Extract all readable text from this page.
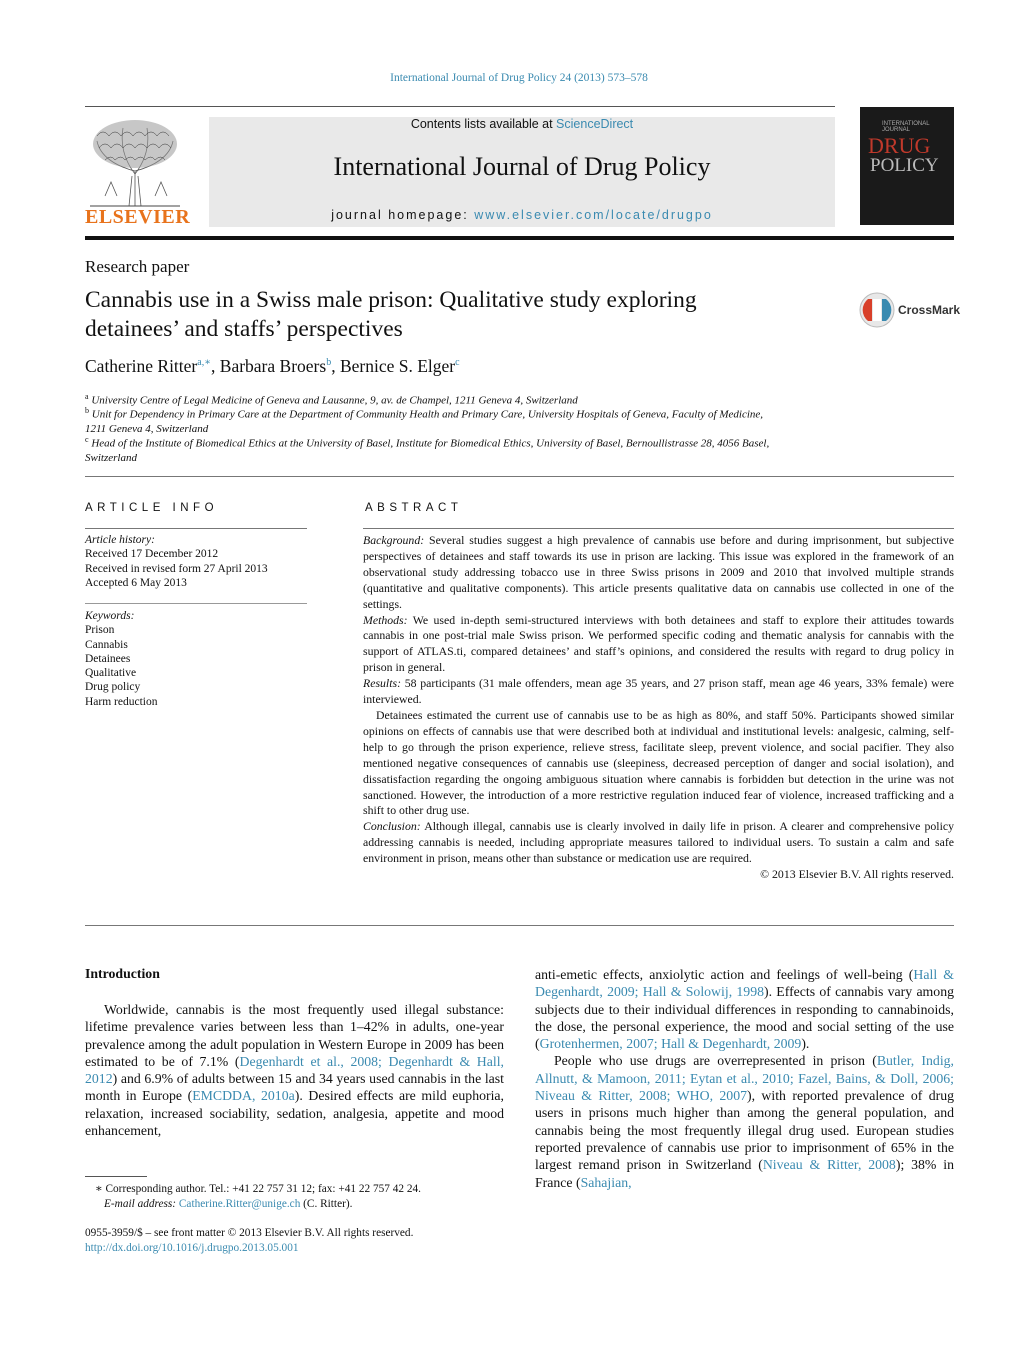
International Journal of Drug Policy 24 (2013) 573–578
ELSEVIER
Contents lists available at ScienceDirect
International Journal of Drug Policy
journal homepage: www.elsevier.com/locate/drugpo
INTERNATIONAL JOURNAL
DRUG
POLICY
Research paper
Cannabis use in a Swiss male prison: Qualitative study exploring
detainees’ and staffs’ perspectives
CrossMark
Catherine Ritter$^{a,∗}$, Barbara Broers$^b$, Bernice S. Elger$^c$
$^a$ University Centre of Legal Medicine of Geneva and Lausanne, 9, av. de Champel, 1211 Geneva 4, Switzerland
$^b$ Unit for Dependency in Primary Care at the Department of Community Health and Primary Care, University Hospitals of Geneva, Faculty of Medicine,
1211 Geneva 4, Switzerland
$^c$ Head of the Institute of Biomedical Ethics at the University of Basel, Institute for Biomedical Ethics, University of Basel, Bernoullistrasse 28, 4056 Basel,
Switzerland
ARTICLE INFO
Article history:
Received 17 December 2012
Received in revised form 27 April 2013
Accepted 6 May 2013
Keywords:
Prison
Cannabis
Detainees
Qualitative
Drug policy
Harm reduction
ABSTRACT

Background: Several studies suggest a high prevalence of cannabis use before and during imprisonment, but subjective perspectives of detainees and staff towards its use in prison are lacking. This issue was explored in the framework of an observational study addressing tobacco use in three Swiss prisons in 2009 and 2010 that involved multiple strands (quantitative and qualitative components). This article presents qualitative data on cannabis use collected in one of the settings.

Methods: We used in-depth semi-structured interviews with both detainees and staff to explore their attitudes towards cannabis in one post-trial male Swiss prison. We performed specific coding and thematic analysis for cannabis with the support of ATLAS.ti, compared detainees’ and staff’s opinions, and considered the results with regard to drug policy in prison in general.

Results: 58 participants (31 male offenders, mean age 35 years, and 27 prison staff, mean age 46 years, 33% female) were interviewed.

Detainees estimated the current use of cannabis use to be as high as 80%, and staff 50%. Participants showed similar opinions on effects of cannabis use that were described both at individual and institutional levels: analgesic, calming, self-help to go through the prison experience, relieve stress, facilitate sleep, prevent violence, and social pacifier. They also mentioned negative consequences of cannabis use (sleepiness, decreased perception of danger and social isolation), and dissatisfaction regarding the ongoing ambiguous situation where cannabis is forbidden but detection in the urine was not sanctioned. However, the introduction of a more restrictive regulation induced fear of violence, increased trafficking and a shift to other drug use.

Conclusion: Although illegal, cannabis use is clearly involved in daily life in prison. A clearer and comprehensive policy addressing cannabis is needed, including appropriate measures tailored to individual users. To sustain a calm and safe environment in prison, means other than substance or medication use are required.

© 2013 Elsevier B.V. All rights reserved.

Introduction

Worldwide, cannabis is the most frequently used illegal substance: lifetime prevalence varies between less than 1–42% in adults, one-year prevalence among the adult population in Western Europe in 2009 has been estimated to be of 7.1% (Degenhardt et al., 2008; Degenhardt & Hall, 2012) and 6.9% of adults between 15 and 34 years used cannabis in the last month in Europe (EMCDDA, 2010a). Desired effects are mild euphoria, relaxation, increased sociability, sedation, analgesia, appetite and mood enhancement,

anti-emetic effects, anxiolytic action and feelings of well-being (Hall & Degenhardt, 2009; Hall & Solowij, 1998). Effects of cannabis vary among subjects due to their individual differences in responding to cannabinoids, the dose, the personal experience, the mood and social setting of the use (Grotenhermen, 2007; Hall & Degenhardt, 2009).

People who use drugs are overrepresented in prison (Butler, Indig, Allnutt, & Mamoon, 2011; Eytan et al., 2010; Fazel, Bains, & Doll, 2006; Niveau & Ritter, 2008; WHO, 2007), with reported prevalence of drug users in prisons much higher than among the general population, and cannabis being the most frequently illegal drug used. European studies reported prevalence of cannabis use prior to imprisonment of 65% in the largest remand prison in Switzerland (Niveau & Ritter, 2008); 38% in France (Sahajian,

∗ Corresponding author. Tel.: +41 22 757 31 12; fax: +41 22 757 42 24.
E-mail address: Catherine.Ritter@unige.ch (C. Ritter).
0955-3959/$ – see front matter © 2013 Elsevier B.V. All rights reserved.
http://dx.doi.org/10.1016/j.drugpo.2013.05.001
